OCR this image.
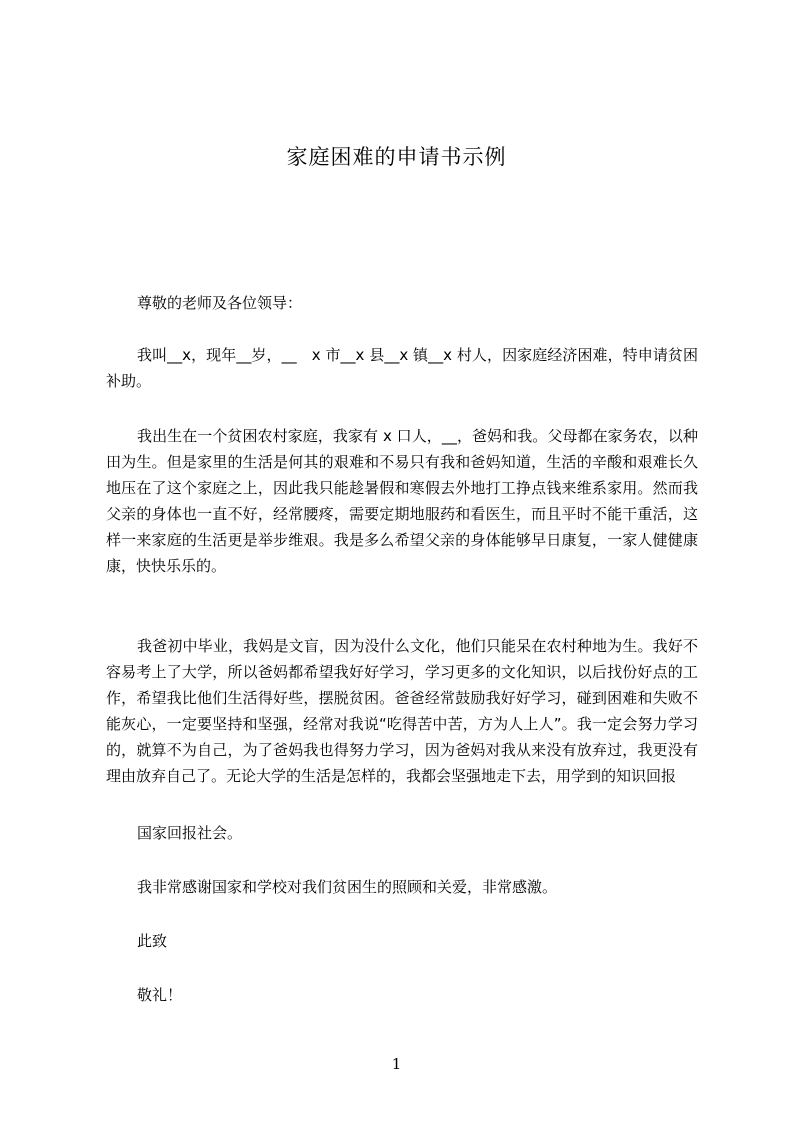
家庭困难的申请书示例
尊敬的老师及各位领导：
我叫__x，现年__岁，__　x 市__x 县__x 镇__x 村人，因家庭经济困难，特申请贫困补助。
我出生在一个贫困农村家庭，我家有 x 口人，__，爸妈和我。父母都在家务农，以种田为生。但是家里的生活是何其的艰难和不易只有我和爸妈知道，生活的辛酸和艰难长久地压在了这个家庭之上，因此我只能趁暑假和寒假去外地打工挣点钱来维系家用。然而我父亲的身体也一直不好，经常腰疼，需要定期地服药和看医生，而且平时不能干重活，这样一来家庭的生活更是举步维艰。我是多么希望父亲的身体能够早日康复，一家人健健康康，快快乐乐的。
我爸初中毕业，我妈是文盲，因为没什么文化，他们只能呆在农村种地为生。我好不容易考上了大学，所以爸妈都希望我好好学习，学习更多的文化知识，以后找份好点的工作，希望我比他们生活得好些，摆脱贫困。爸爸经常鼓励我好好学习，碰到困难和失败不能灰心，一定要坚持和坚强，经常对我说“吃得苦中苦，方为人上人”。我一定会努力学习的，就算不为自己，为了爸妈我也得努力学习，因为爸妈对我从来没有放弃过，我更没有理由放弃自己了。无论大学的生活是怎样的，我都会坚强地走下去，用学到的知识回报
国家回报社会。
我非常感谢国家和学校对我们贫困生的照顾和关爱，非常感激。
此致
敬礼！
1
